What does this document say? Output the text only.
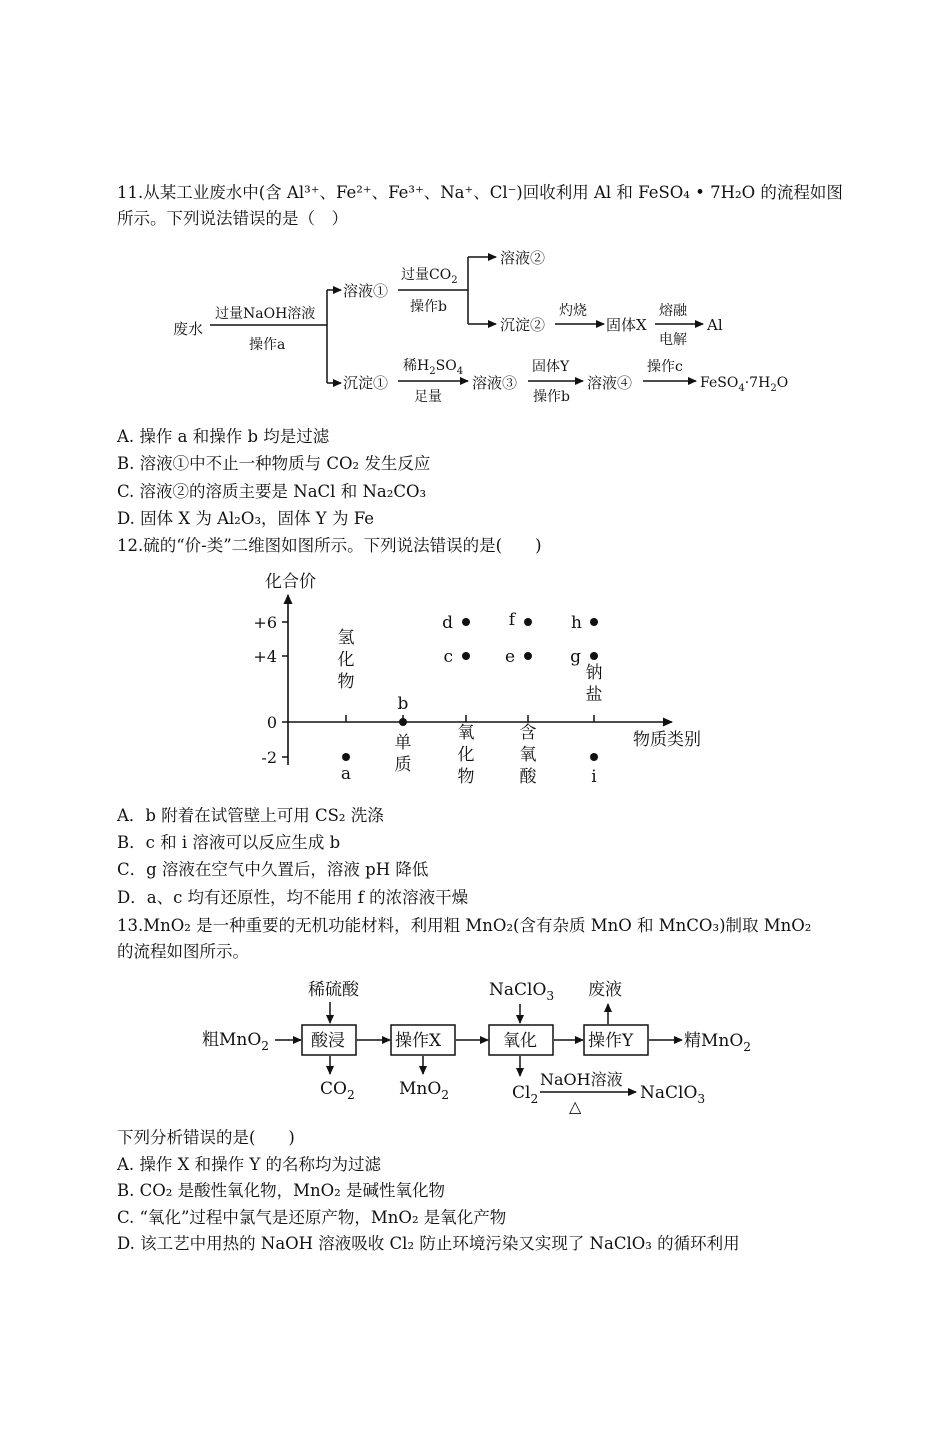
11.从某工业废水中(含 Al³⁺、Fe²⁺、Fe³⁺、Na⁺、Cl⁻)回收利用 Al 和 FeSO₄ • 7H₂O 的流程如图
所示。下列说法错误的是（　）
废水
过量NaOH溶液
操作a
溶液①
过量$CO_2$
操作b
溶液②
沉淀②
灼烧
固体X
熔融
电解
Al
沉淀①
稀$H_2SO_4$
足量
溶液③
固体Y
操作b
溶液④
操作c
$FeSO_4\cdot 7H_2O$
A. 操作 a 和操作 b 均是过滤
B. 溶液①中不止一种物质与 CO₂ 发生反应
C. 溶液②的溶质主要是 NaCl 和 Na₂CO₃
D. 固体 X 为 Al₂O₃，固体 Y 为 Fe
12.硫的“价-类”二维图如图所示。下列说法错误的是(　　)
化合价
物质类别
+6
+4
0
-2
氢
化
物
单
质
氧
化
物
含
氧
酸
钠
盐
a
b
c
d
e
f
g
h
i
A．b 附着在试管壁上可用 CS₂ 洗涤
B．c 和 i 溶液可以反应生成 b
C．g 溶液在空气中久置后，溶液 pH 降低
D．a、c 均有还原性，均不能用 f 的浓溶液干燥
13.MnO₂ 是一种重要的无机功能材料，利用粗 MnO₂(含有杂质 MnO 和 MnCO₃)制取 MnO₂
的流程如图所示。
稀硫酸
粗MnO$_2$ 酸浸
$CO_2$
操作X
MnO$_2$
NaClO$_3$
氧化
$Cl_2$
NaOH溶液
△
NaClO$_3$
操作Y
废液
精MnO$_2$
下列分析错误的是(　　)
A. 操作 X 和操作 Y 的名称均为过滤
B. CO₂ 是酸性氧化物，MnO₂ 是碱性氧化物
C. “氧化”过程中氯气是还原产物，MnO₂ 是氧化产物
D. 该工艺中用热的 NaOH 溶液吸收 Cl₂ 防止环境污染又实现了 NaClO₃ 的循环利用
